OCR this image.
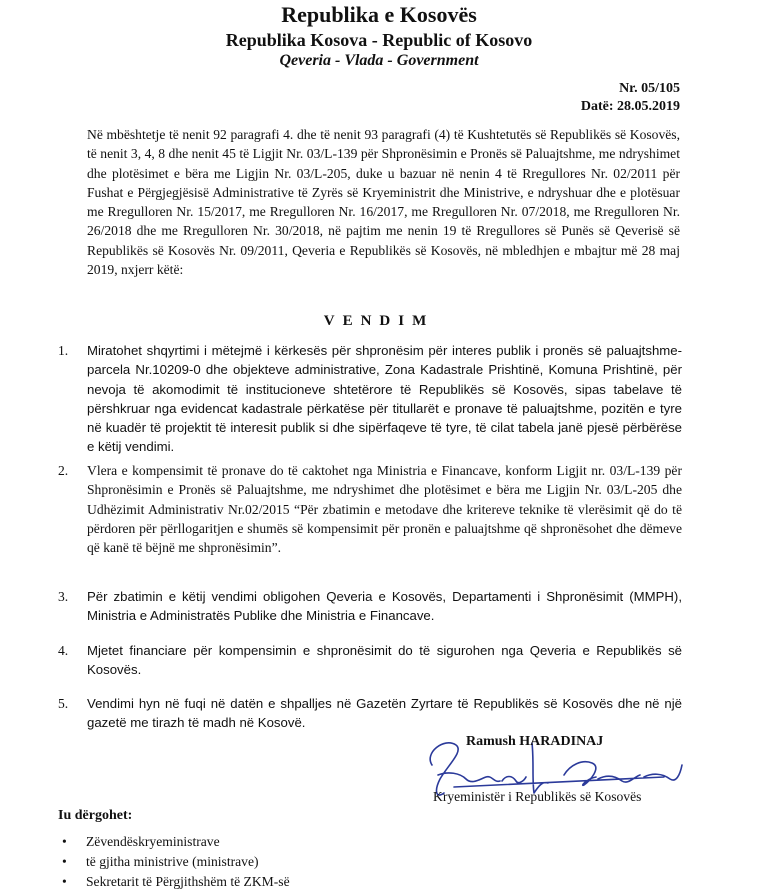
Republika e Kosovës
Republika Kosova - Republic of Kosovo
Qeveria - Vlada - Government
Nr. 05/105
Datë: 28.05.2019

Në mbështetje të nenit 92 paragrafi 4. dhe të nenit 93 paragrafi (4) të Kushtetutës së Republikës së Kosovës, të nenit 3, 4, 8 dhe nenit 45 të Ligjit Nr. 03/L-139 për Shpronësimin e Pronës së Paluajtshme, me ndryshimet dhe plotësimet e bëra me Ligjin Nr. 03/L-205, duke u bazuar në nenin 4 të Rregullores Nr. 02/2011 për Fushat e Përgjegjësisë Administrative të Zyrës së Kryeministrit dhe Ministrive, e ndryshuar dhe e plotësuar me Rregulloren Nr. 15/2017, me Rregulloren Nr. 16/2017, me Rregulloren Nr. 07/2018, me Rregulloren Nr. 26/2018 dhe me Rregulloren Nr. 30/2018, në pajtim me nenin 19 të Rregullores së Punës së Qeverisë së Republikës së Kosovës Nr. 09/2011, Qeveria e Republikës së Kosovës, në mbledhjen e mbajtur më 28 maj 2019, nxjerr këtë:

VENDIM
1.	Miratohet shqyrtimi i mëtejmë i kërkesës për shpronësim për interes publik i pronës së paluajtshme-parcela Nr.10209-0 dhe objekteve administrative, Zona Kadastrale Prishtinë, Komuna Prishtinë, për nevoja të akomodimit të institucioneve shtetërore të Republikës së Kosovës, sipas tabelave të përshkruar nga evidencat kadastrale përkatëse për titullarët e pronave të paluajtshme, pozitën e tyre në kuadër të projektit të interesit publik si dhe sipërfaqeve të tyre, të cilat tabela janë pjesë përbërëse e këtij vendimi.

2.	Vlera e kompensimit të pronave do të caktohet nga Ministria e Financave, konform Ligjit nr. 03/L-139 për Shpronësimin e Pronës së Paluajtshme, me ndryshimet dhe plotësimet e bëra me Ligjin Nr. 03/L-205 dhe Udhëzimit Administrativ Nr.02/2015 “Për zbatimin e metodave dhe kritereve teknike të vlerësimit që do të përdoren për përllogaritjen e shumës së kompensimit për pronën e paluajtshme që shpronësohet dhe dëmeve që kanë të bëjnë me shpronësimin”.

3.	Për zbatimin e këtij vendimi obligohen Qeveria e Kosovës, Departamenti i Shpronësimit (MMPH), Ministria e Administratës Publike dhe Ministria e Financave.

4.	Mjetet financiare për kompensimin e shpronësimit do të sigurohen nga Qeveria e Republikës së Kosovës.

5.	Vendimi hyn në fuqi në datën e shpalljes në Gazetën Zyrtare të Republikës së Kosovës dhe në një gazetë me tirazh të madh në Kosovë.

Ramush HARADINAJ
Kryeministër i Republikës së Kosovës
Iu dërgohet:
• Zëvendëskryeministrave
• të gjitha ministrive (ministrave)
• Sekretarit të Përgjithshëm të ZKM-së
